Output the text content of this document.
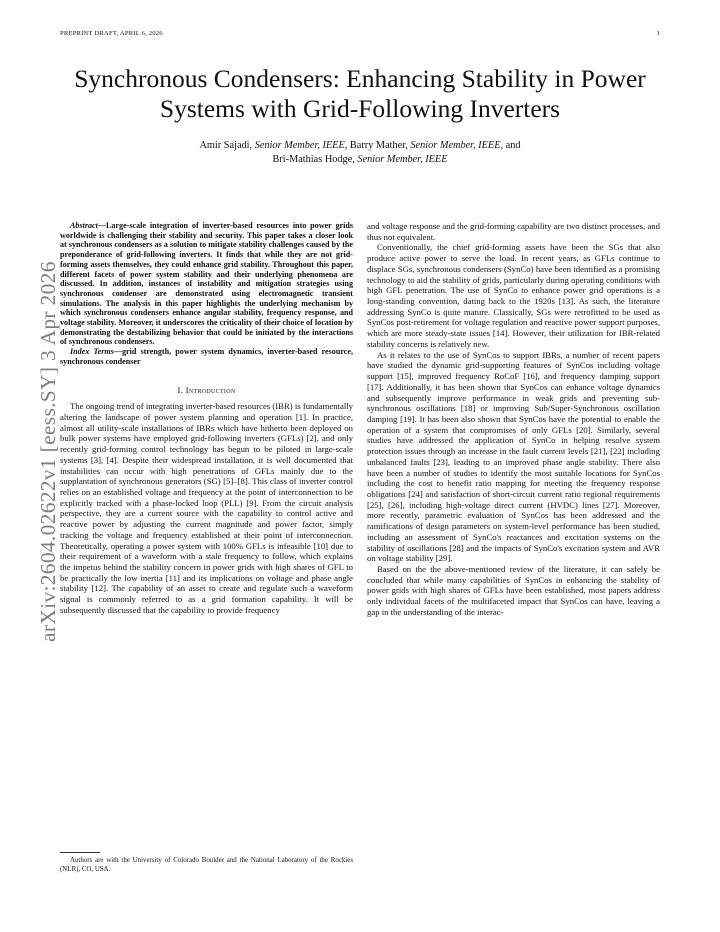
PREPRINT DRAFT, APRIL 6, 2026	1
arXiv:2604.02622v1 [eess.SY] 3 Apr 2026
Synchronous Condensers: Enhancing Stability in Power Systems with Grid-Following Inverters
Amir Sajadi, Senior Member, IEEE, Barry Mather, Senior Member, IEEE, and
Bri-Mathias Hodge, Senior Member, IEEE

Abstract—Large-scale integration of inverter-based resources into power grids worldwide is challenging their stability and security. This paper takes a closer look at synchronous condensers as a solution to mitigate stability challenges caused by the preponderance of grid-following inverters. It finds that while they are not grid-forming assets themselves, they could enhance grid stability. Throughout this paper, different facets of power system stability and their underlying phenomena are discussed. In addition, instances of instability and mitigation strategies using synchronous condenser are demonstrated using electromagnetic transient simulations. The analysis in this paper highlights the underlying mechanism by which synchronous condensers enhance angular stability, frequency response, and voltage stability. Moreover, it underscores the criticality of their choice of location by demonstrating the destabilizing behavior that could be initiated by the interactions of synchronous condensers.

Index Terms—grid strength, power system dynamics, inverter-based resource, synchronous condenser

I. Introduction

The ongoing trend of integrating inverter-based resources (IBR) is fundamentally altering the landscape of power system planning and operation [1]. In practice, almost all utility-scale installations of IBRs which have hitherto been deployed on bulk power systems have employed grid-following inverters (GFLs) [2], and only recently grid-forming control technology has begun to be piloted in large-scale systems [3], [4]. Despite their widespread installation, it is well documented that instabilities can occur with high penetrations of GFLs mainly due to the supplantation of synchronous generators (SG) [5]–[8]. This class of inverter control relies on an established voltage and frequency at the point of interconnection to be explicitly tracked with a phase-locked loop (PLL) [9]. From the circuit analysis perspective, they are a current source with the capability to control active and reactive power by adjusting the current magnitude and power factor, simply tracking the voltage and frequency established at their point of interconnection. Theoretically, operating a power system with 100% GFLs is infeasible [10] due to their requirement of a waveform with a stale frequency to follow, which explains the impetus behind the stability concern in power grids with high shares of GFL to be practically the low inertia [11] and its implications on voltage and phase angle stability [12]. The capability of an asset to create and regulate such a waveform signal is commonly referred to as a grid formation capability. It will be subsequently discussed that the capability to provide frequency

and voltage response and the grid-forming capability are two distinct processes, and thus not equivalent.

Conventionally, the chief grid-forming assets have been the SGs that also produce active power to serve the load. In recent years, as GFLs continue to displace SGs, synchronous condensers (SynCo) have been identified as a promising technology to aid the stability of grids, particularly during operating conditions with high GFL penetration. The use of SynCo to enhance power grid operations is a long-standing convention, dating back to the 1920s [13]. As such, the literature addressing SynCo is quite mature. Classically, SGs were retrofitted to be used as SynCos post-retirement for voltage regulation and reactive power support purposes, which are more steady-state issues [14]. However, their utilization for IBR-related stability concerns is relatively new.

As it relates to the use of SynCos to support IBRs, a number of recent papers have studied the dynamic grid-supporting features of SynCos including voltage support [15], improved frequency RoCoF [16], and frequency damping support [17]. Additionally, it has been shown that SynCos can enhance voltage dynamics and subsequently improve performance in weak grids and preventing sub-synchronous oscillations [18] or improving Sub/Super-Synchronous oscillation damping [19]. It has been also shown that SynCos have the potential to enable the operation of a system that compromises of only GFLs [20]. Similarly, several studies have addressed the application of SynCo in helping resolve system protection issues through an increase in the fault current levels [21], [22] including unbalanced faults [23], leading to an improved phase angle stability. There also have been a number of studies to identify the most suitable locations for SynCos including the cost to benefit ratio mapping for meeting the frequency response obligations [24] and satisfaction of short-circuit current ratio regional requirements [25], [26], including high-voltage direct current (HVDC) lines [27]. Moreover, more recently, parametric evaluation of SynCos has been addressed and the ramifications of design parameters on system-level performance has been studied, including an assessment of SynCo's reactances and excitation systems on the stability of oscillations [28] and the impacts of SynCo's excitation system and AVR on voltage stability [29].

Based on the the above-mentioned review of the literature, it can safely be concluded that while many capabilities of SynCos in enhancing the stability of power grids with high shares of GFLs have been established, most papers address only individual facets of the multifaceted impact that SynCos can have, leaving a gap in the understanding of the interac-

Authors are with the University of Colorado Boulder and the National Laboratory of the Rockies (NLR), CO, USA.
